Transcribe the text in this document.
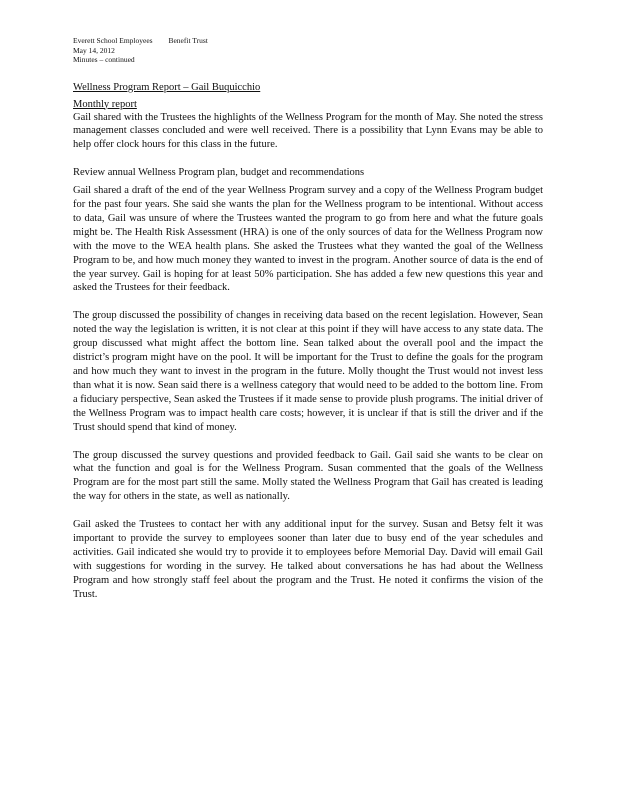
Everett School Employees Benefit Trust
May 14, 2012
Minutes – continued
Wellness Program Report – Gail Buquicchio
Monthly report

Gail shared with the Trustees the highlights of the Wellness Program for the month of May. She noted the stress management classes concluded and were well received. There is a possibility that Lynn Evans may be able to help offer clock hours for this class in the future.

Review annual Wellness Program plan, budget and recommendations

Gail shared a draft of the end of the year Wellness Program survey and a copy of the Wellness Program budget for the past four years. She said she wants the plan for the Wellness program to be intentional. Without access to data, Gail was unsure of where the Trustees wanted the program to go from here and what the future goals might be. The Health Risk Assessment (HRA) is one of the only sources of data for the Wellness Program now with the move to the WEA health plans. She asked the Trustees what they wanted the goal of the Wellness Program to be, and how much money they wanted to invest in the program. Another source of data is the end of the year survey. Gail is hoping for at least 50% participation. She has added a few new questions this year and asked the Trustees for their feedback.

The group discussed the possibility of changes in receiving data based on the recent legislation. However, Sean noted the way the legislation is written, it is not clear at this point if they will have access to any state data. The group discussed what might affect the bottom line. Sean talked about the overall pool and the impact the district’s program might have on the pool. It will be important for the Trust to define the goals for the program and how much they want to invest in the program in the future. Molly thought the Trust would not invest less than what it is now. Sean said there is a wellness category that would need to be added to the bottom line. From a fiduciary perspective, Sean asked the Trustees if it made sense to provide plush programs. The initial driver of the Wellness Program was to impact health care costs; however, it is unclear if that is still the driver and if the Trust should spend that kind of money.

The group discussed the survey questions and provided feedback to Gail. Gail said she wants to be clear on what the function and goal is for the Wellness Program. Susan commented that the goals of the Wellness Program are for the most part still the same. Molly stated the Wellness Program that Gail has created is leading the way for others in the state, as well as nationally.

Gail asked the Trustees to contact her with any additional input for the survey. Susan and Betsy felt it was important to provide the survey to employees sooner than later due to busy end of the year schedules and activities. Gail indicated she would try to provide it to employees before Memorial Day. David will email Gail with suggestions for wording in the survey. He talked about conversations he has had about the Wellness Program and how strongly staff feel about the program and the Trust. He noted it confirms the vision of the Trust.
